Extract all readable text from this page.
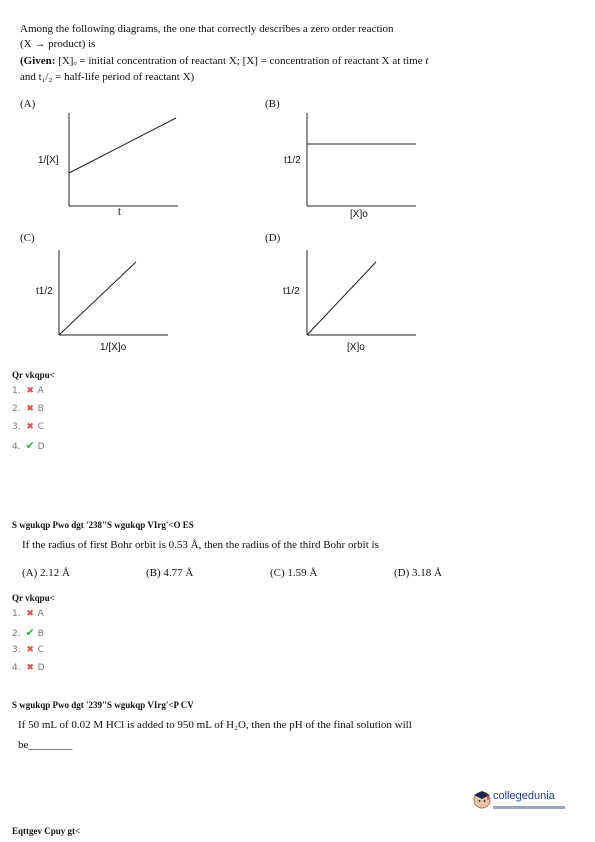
Among the following diagrams, the one that correctly describes a zero order reaction
(X → product) is
(Given: [X]ₒ = initial concentration of reactant X; [X] = concentration of reactant X at time t
and t₁/₂ = half-life period of reactant X)
(A)
1/[X]
t
(B)
t1/2
[X]o
(C)
t1/2
1/[X]o
(D)
t1/2
[X]o
Qr vkqpu<
1. ✖ A
2. ✖ B
3. ✖ C
4. ✔ D
S wgukqp Pwo dgt '238"S wgukqp VIrg'<O ES
If the radius of first Bohr orbit is 0.53 Å, then the radius of the third Bohr orbit is
(A) 2.12 Å	(B) 4.77 Å	(C) 1.59 Å	(D) 3.18 Å
Qr vkqpu<
1. ✖ A
2. ✔ B
3. ✖ C
4. ✖ D
S wgukqp Pwo dgt '239"S wgukqp VIrg'<P CV
If 50 mL of 0.02 M HCl is added to 950 mL of H₂O, then the pH of the final solution will
be________
collegedunia
Eqttgev Cpuy gt<
